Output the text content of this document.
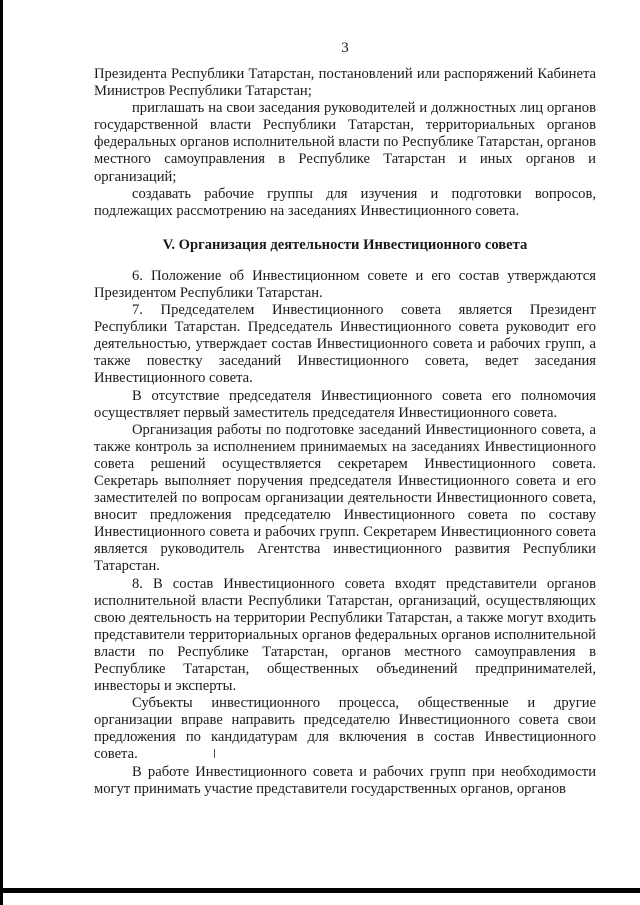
3

Президента Республики Татарстан, постановлений или распоряжений Кабинета Министров Республики Татарстан;

приглашать на свои заседания руководителей и должностных лиц органов государственной власти Республики Татарстан, территориальных органов федеральных органов исполнительной власти по Республике Татарстан, органов местного самоуправления в Республике Татарстан и иных органов и организаций;

создавать рабочие группы для изучения и подготовки вопросов, подлежащих рассмотрению на заседаниях Инвестиционного совета.

V. Организация деятельности Инвестиционного совета

6. Положение об Инвестиционном совете и его состав утверждаются Президентом Республики Татарстан.

7. Председателем Инвестиционного совета является Президент Республики Татарстан. Председатель Инвестиционного совета руководит его деятельностью, утверждает состав Инвестиционного совета и рабочих групп, а также повестку заседаний Инвестиционного совета, ведет заседания Инвестиционного совета.

В отсутствие председателя Инвестиционного совета его полномочия осуществляет первый заместитель председателя Инвестиционного совета.

Организация работы по подготовке заседаний Инвестиционного совета, а также контроль за исполнением принимаемых на заседаниях Инвестиционного совета решений осуществляется секретарем Инвестиционного совета. Секретарь выполняет поручения председателя Инвестиционного совета и его заместителей по вопросам организации деятельности Инвестиционного совета, вносит предложения председателю Инвестиционного совета по составу Инвестиционного совета и рабочих групп. Секретарем Инвестиционного совета является руководитель Агентства инвестиционного развития Республики Татарстан.

8. В состав Инвестиционного совета входят представители органов исполнительной власти Республики Татарстан, организаций, осуществляющих свою деятельность на территории Республики Татарстан, а также могут входить представители территориальных органов федеральных органов исполнительной власти по Республике Татарстан, органов местного самоуправления в Республике Татарстан, общественных объединений предпринимателей, инвесторы и эксперты.

Субъекты инвестиционного процесса, общественные и другие организации вправе направить председателю Инвестиционного совета свои предложения по кандидатурам для включения в состав Инвестиционного совета.

В работе Инвестиционного совета и рабочих групп при необходимости могут принимать участие представители государственных органов, органов
